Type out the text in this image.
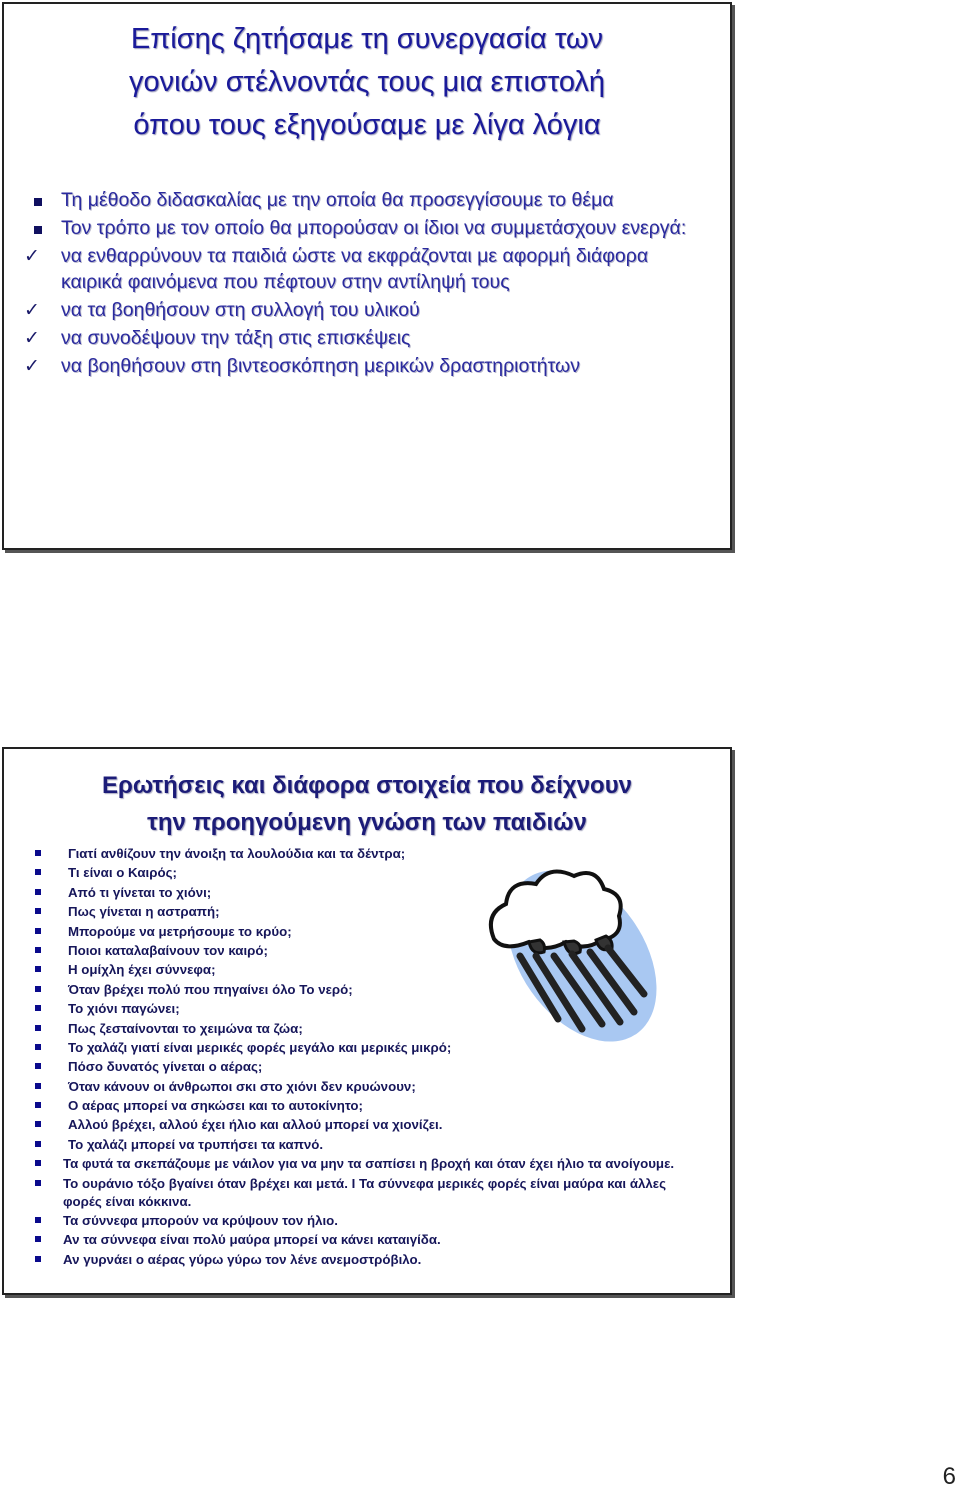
Επίσης ζητήσαμε τη συνεργασία των
γονιών στέλνοντάς τους μια επιστολή
όπου τους εξηγούσαμε με λίγα λόγια
Τη μέθοδο διδασκαλίας με την οποία θα προσεγγίσουμε το θέμα
Τον τρόπο με τον οποίο θα μπορούσαν οι ίδιοι να συμμετάσχουν ενεργά:
✓	να ενθαρρύνουν τα παιδιά ώστε να εκφράζονται με αφορμή διάφορα καιρικά φαινόμενα που πέφτουν στην αντίληψή τους
✓	να τα βοηθήσουν στη συλλογή του υλικού
✓	να συνοδέψουν την τάξη στις επισκέψεις
✓	να βοηθήσουν στη βιντεοσκόπηση μερικών δραστηριοτήτων
Ερωτήσεις και διάφορα στοιχεία που δείχνουν
την προηγούμενη γνώση των παιδιών
Γιατί ανθίζουν την άνοιξη τα λουλούδια και τα δέντρα;
Τι είναι ο Καιρός;
Από τι γίνεται το χιόνι;
Πως γίνεται η αστραπή;
Μπορούμε να μετρήσουμε το κρύο;
Ποιοι καταλαβαίνουν τον καιρό;
Η ομίχλη έχει σύννεφα;
Όταν βρέχει πολύ που πηγαίνει όλο Το νερό;
Το χιόνι παγώνει;
Πως ζεσταίνονται το χειμώνα τα ζώα;
Το χαλάζι γιατί είναι μερικές φορές μεγάλο και μερικές μικρό;
Πόσο δυνατός γίνεται ο αέρας;
Όταν κάνουν οι άνθρωποι σκι στο χιόνι δεν κρυώνουν;
Ο αέρας μπορεί να σηκώσει και το αυτοκίνητο;
Αλλού βρέχει, αλλού έχει ήλιο και αλλού μπορεί να χιονίζει.
Το χαλάζι μπορεί να τρυπήσει τα καπνό.
Τα φυτά τα σκεπάζουμε με νάιλον για να μην τα σαπίσει η βροχή και όταν έχει ήλιο τα ανοίγουμε.
Το ουράνιο τόξο βγαίνει όταν βρέχει και μετά. Ι Τα σύννεφα μερικές φορές είναι μαύρα και άλλες φορές είναι κόκκινα.
Τα σύννεφα μπορούν να κρύψουν τον ήλιο.
Αν τα σύννεφα είναι πολύ μαύρα μπορεί να κάνει καταιγίδα.
Αν γυρνάει ο αέρας γύρω γύρω τον λένε ανεμοστρόβιλο.
6
